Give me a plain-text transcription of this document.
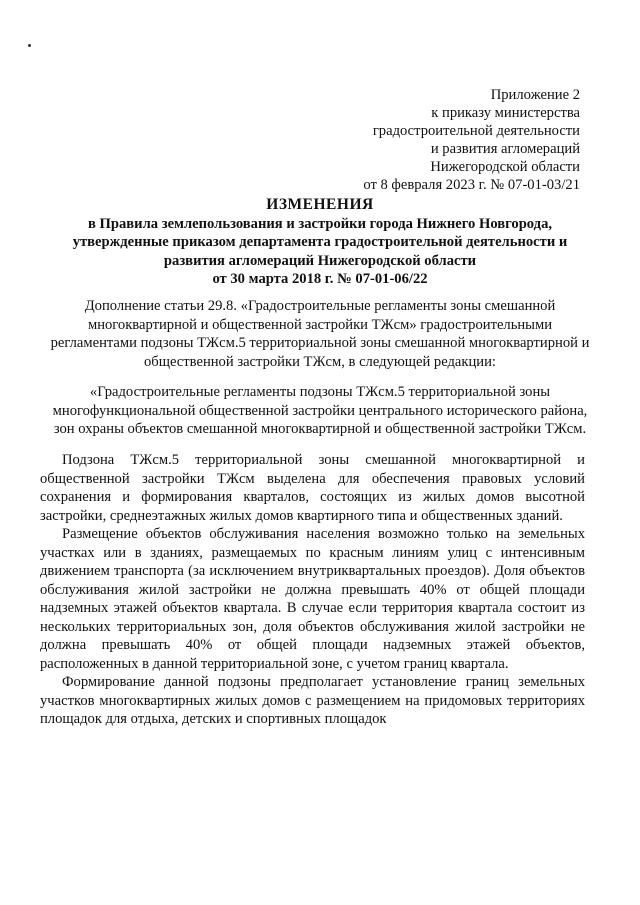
Приложение 2
к приказу министерства
градостроительной деятельности
и развития агломераций
Нижегородской области
от 8 февраля 2023 г. № 07-01-03/21
ИЗМЕНЕНИЯ
в Правила землепользования и застройки города Нижнего Новгорода,
утвержденные приказом департамента градостроительной деятельности и
развития агломераций Нижегородской области
от 30 марта 2018 г. № 07-01-06/22
Дополнение статьи 29.8. «Градостроительные регламенты зоны смешанной
многоквартирной и общественной застройки ТЖсм» градостроительными
регламентами подзоны ТЖсм.5 территориальной зоны смешанной многоквартирной и
общественной застройки ТЖсм, в следующей редакции:
«Градостроительные регламенты подзоны ТЖсм.5 территориальной зоны
многофункциональной общественной застройки центрального исторического района,
зон охраны объектов смешанной многоквартирной и общественной застройки ТЖсм.

Подзона ТЖсм.5 территориальной зоны смешанной многоквартирной и общественной застройки ТЖсм выделена для обеспечения правовых условий сохранения и формирования кварталов, состоящих из жилых домов высотной застройки, среднеэтажных жилых домов квартирного типа и общественных зданий.

Размещение объектов обслуживания населения возможно только на земельных участках или в зданиях, размещаемых по красным линиям улиц с интенсивным движением транспорта (за исключением внутриквартальных проездов). Доля объектов обслуживания жилой застройки не должна превышать 40% от общей площади надземных этажей объектов квартала. В случае если территория квартала состоит из нескольких территориальных зон, доля объектов обслуживания жилой застройки не должна превышать 40% от общей площади надземных этажей объектов, расположенных в данной территориальной зоне, с учетом границ квартала.

Формирование данной подзоны предполагает установление границ земельных участков многоквартирных жилых домов с размещением на придомовых территориях площадок для отдыха, детских и спортивных площадок
